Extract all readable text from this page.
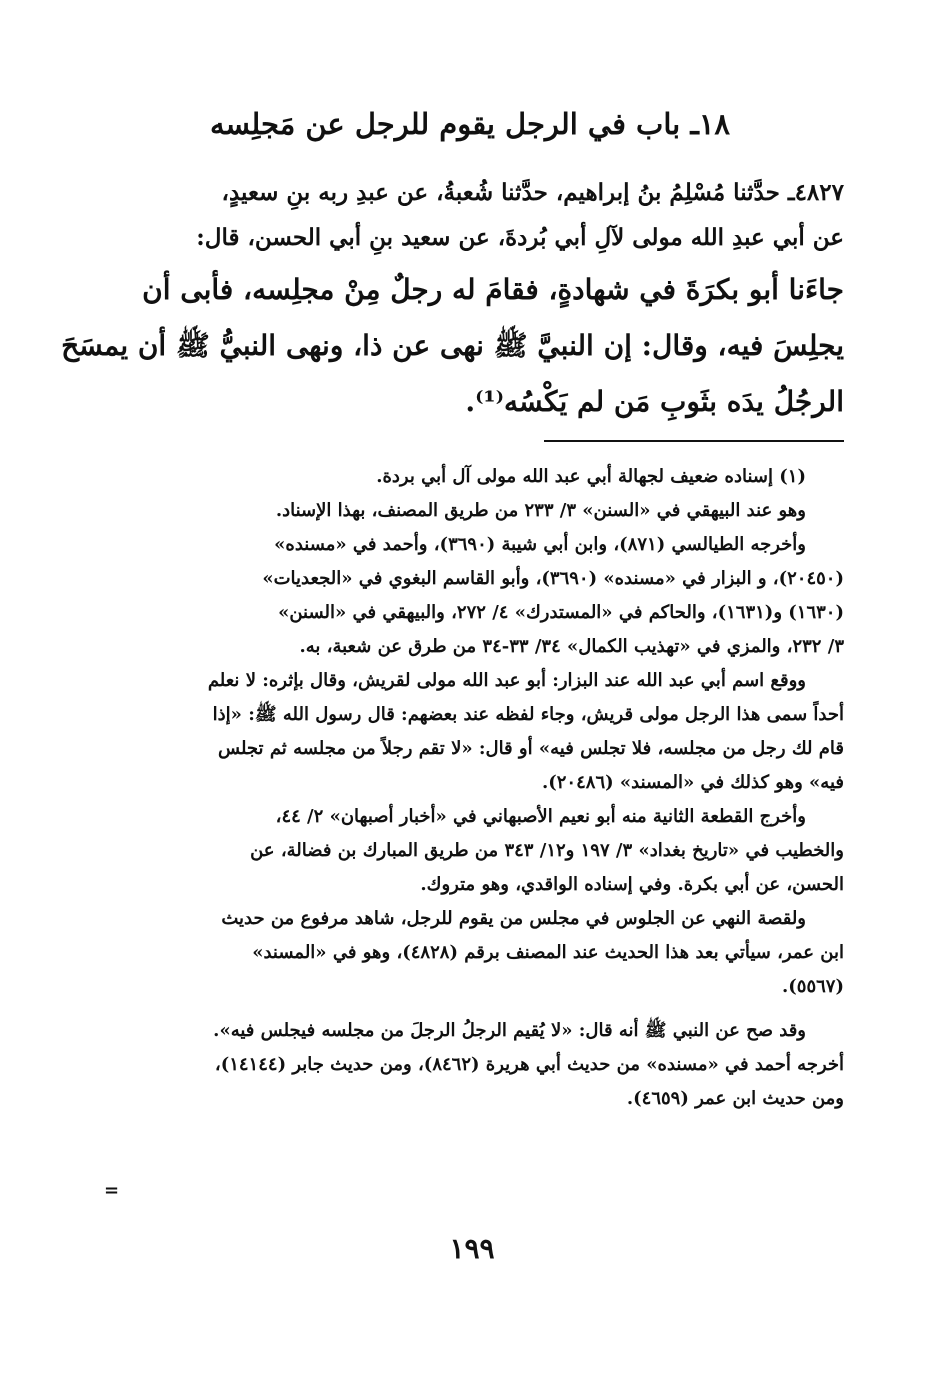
١٨ـ باب في الرجل يقوم للرجل عن مَجلِسه
٤٨٢٧ـ حدَّثنا مُسْلِمُ بنُ إبراهيم، حدَّثنا شُعبةُ، عن عبدِ ربه بنِ سعيدٍ،
عن أبي عبدِ الله مولى لآلِ أبي بُردةَ، عن سعيد بنِ أبي الحسن، قال:
جاءَنا أبو بكرَةَ في شهادةٍ، فقامَ له رجلٌ مِنْ مجلِسه، فأبى أن
يجلِسَ فيه، وقال: إن النبيَّ ﷺ نهى عن ذا، ونهى النبيُّ ﷺ أن يمسَحَ
الرجُلُ يدَه بثَوبِ مَن لم يَكْسُه⁽¹⁾.
(١) إسناده ضعيف لجهالة أبي عبد الله مولى آل أبي بردة.
وهو عند البيهقي في «السنن» ٣/ ٢٣٣ من طريق المصنف، بهذا الإسناد.
وأخرجه الطيالسي (٨٧١)، وابن أبي شيبة (٣٦٩٠)، وأحمد في «مسنده»
(٢٠٤٥٠)، و البزار في «مسنده» (٣٦٩٠)، وأبو القاسم البغوي في «الجعديات»
(١٦٣٠) و(١٦٣١)، والحاكم في «المستدرك» ٤/ ٢٧٢، والبيهقي في «السنن»
٣/ ٢٣٢، والمزي في «تهذيب الكمال» ٣٤/ ٣٣-٣٤ من طرق عن شعبة، به.
ووقع اسم أبي عبد الله عند البزار: أبو عبد الله مولى لقريش، وقال بإثره: لا نعلم
أحداً سمى هذا الرجل مولى قريش، وجاء لفظه عند بعضهم: قال رسول الله ﷺ: «إذا
قام لك رجل من مجلسه، فلا تجلس فيه» أو قال: «لا تقم رجلاً من مجلسه ثم تجلس
فيه» وهو كذلك في «المسند» (٢٠٤٨٦).
وأخرج القطعة الثانية منه أبو نعيم الأصبهاني في «أخبار أصبهان» ٢/ ٤٤،
والخطيب في «تاريخ بغداد» ٣/ ١٩٧ و١٢/ ٣٤٣ من طريق المبارك بن فضالة، عن
الحسن، عن أبي بكرة. وفي إسناده الواقدي، وهو متروك.
ولقصة النهي عن الجلوس في مجلس من يقوم للرجل، شاهد مرفوع من حديث
ابن عمر، سيأتي بعد هذا الحديث عند المصنف برقم (٤٨٢٨)، وهو في «المسند»
(٥٥٦٧).
وقد صح عن النبي ﷺ أنه قال: «لا يُقيم الرجلُ الرجلَ من مجلسه فيجلس فيه».
أخرجه أحمد في «مسنده» من حديث أبي هريرة (٨٤٦٢)، ومن حديث جابر (١٤١٤٤)،
ومن حديث ابن عمر (٤٦٥٩).
=
١٩٩
